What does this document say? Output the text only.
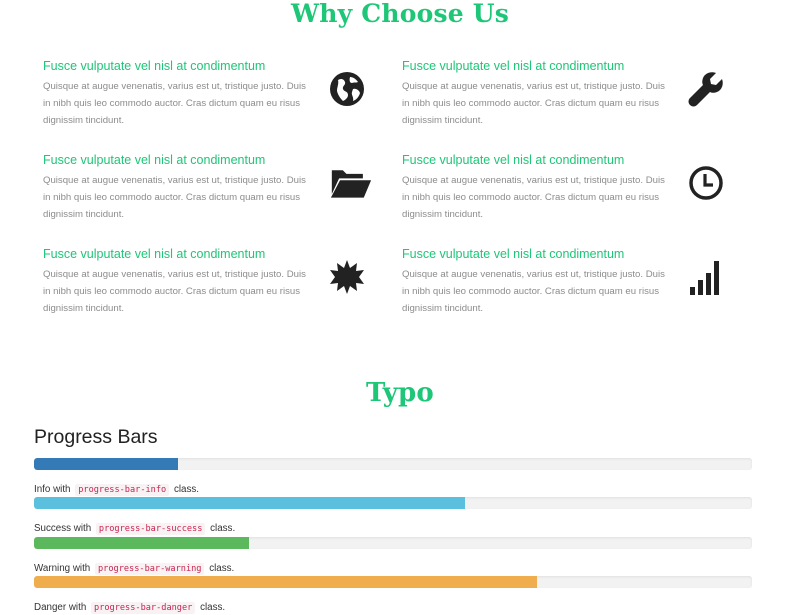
Why Choose Us
Fusce vulputate vel nisl at condimentum
Quisque at augue venenatis, varius est ut, tristique justo. Duis in nibh quis leo commodo auctor. Cras dictum quam eu risus dignissim tincidunt.
Fusce vulputate vel nisl at condimentum
Quisque at augue venenatis, varius est ut, tristique justo. Duis in nibh quis leo commodo auctor. Cras dictum quam eu risus dignissim tincidunt.
Fusce vulputate vel nisl at condimentum
Quisque at augue venenatis, varius est ut, tristique justo. Duis in nibh quis leo commodo auctor. Cras dictum quam eu risus dignissim tincidunt.
Fusce vulputate vel nisl at condimentum
Quisque at augue venenatis, varius est ut, tristique justo. Duis in nibh quis leo commodo auctor. Cras dictum quam eu risus dignissim tincidunt.
Fusce vulputate vel nisl at condimentum
Quisque at augue venenatis, varius est ut, tristique justo. Duis in nibh quis leo commodo auctor. Cras dictum quam eu risus dignissim tincidunt.
Fusce vulputate vel nisl at condimentum
Quisque at augue venenatis, varius est ut, tristique justo. Duis in nibh quis leo commodo auctor. Cras dictum quam eu risus dignissim tincidunt.
Typo
Progress Bars
Info with progress-bar-info class.
Success with progress-bar-success class.
Warning with progress-bar-warning class.
Danger with progress-bar-danger class.
